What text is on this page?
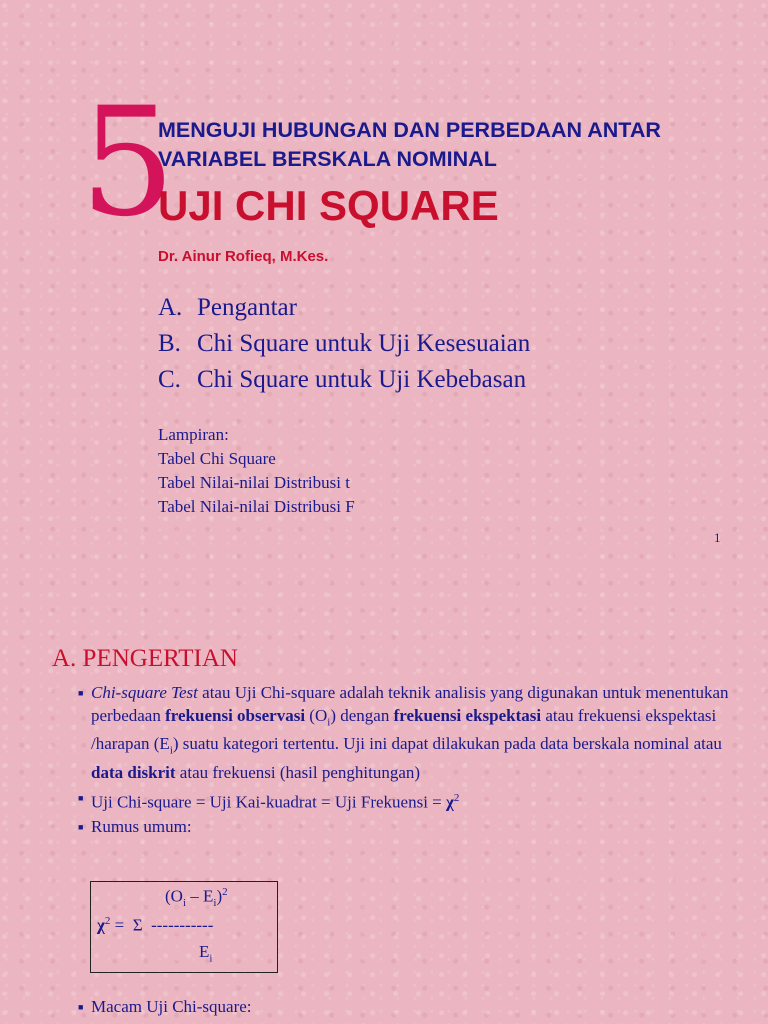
5

MENGUJI HUBUNGAN DAN PERBEDAAN ANTAR
VARIABEL BERSKALA NOMINAL

UJI CHI SQUARE

Dr. Ainur Rofieq, M.Kes.

A. Pengantar
B. Chi Square untuk Uji Kesesuaian
C. Chi Square untuk Uji Kebebasan
Lampiran:
Tabel Chi Square
Tabel Nilai-nilai Distribusi t
Tabel Nilai-nilai Distribusi F
1
A. PENGERTIAN
■ Chi-square Test atau Uji Chi-square adalah teknik analisis yang digunakan untuk menentukan perbedaan frekuensi observasi $(O_i)$ dengan frekuensi ekspektasi atau frekuensi ekspektasi /harapan $(E_i)$ suatu kategori tertentu. Uji ini dapat dilakukan pada data berskala nominal atau data diskrit atau frekuensi (hasil penghitungan)
■ Uji Chi-square = Uji Kai-kuadrat = Uji Frekuensi = $\chi^2$
■ Rumus umum:
$(O_i - E_i)^2$
$\chi^2 = \Sigma$  -----------
$E_i$
■ Macam Uji Chi-square:
